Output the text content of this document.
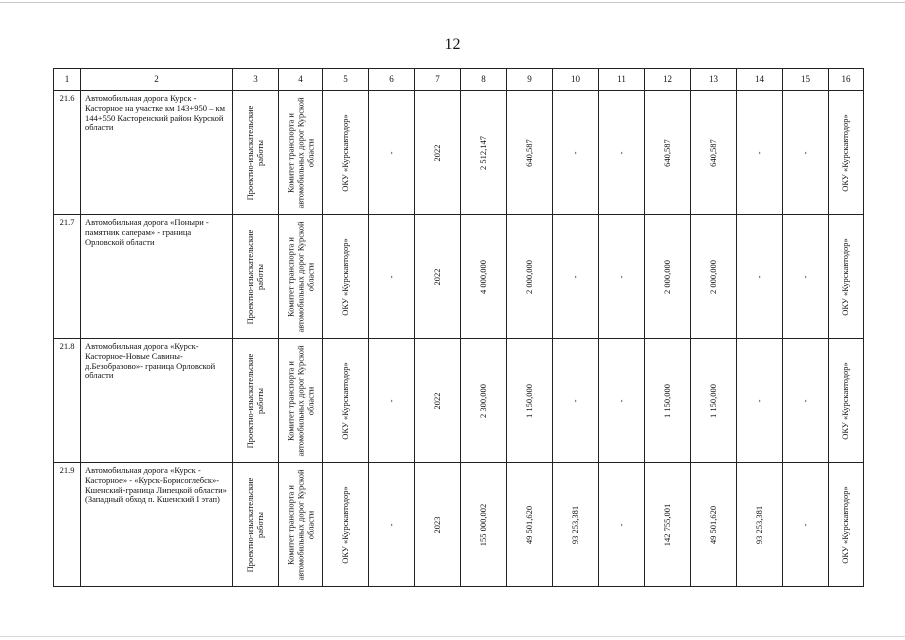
12
1	2	3	4	5	6	7	8	9	10	11	12	13	14	15	16
21.6	Автомобильная дорога Курск - Касторное на участке км 143+950 – км 144+550 Касторенский район Курской области	Проектно-изыскательские работы	Комитет транспорта и автомобильных дорог Курской области	ОКУ «Курскавтодор»	-	2022	2 512,147	640,587	-	-	640,587	640,587	-	-	ОКУ «Курскавтодор»

21.7	Автомобильная дорога «Поныри - памятник саперам» - граница Орловской области	Проектно-изыскательские работы	Комитет транспорта и автомобильных дорог Курской области	ОКУ «Курскавтодор»	-	2022	4 000,000	2 000,000	-	-	2 000,000	2 000,000	-	-	ОКУ «Курскавтодор»

21.8	Автомобильная дорога «Курск-Касторное-Новые Савины-д.Безобразово»- граница Орловской области	Проектно-изыскательские работы	Комитет транспорта и автомобильных дорог Курской области	ОКУ «Курскавтодор»	-	2022	2 300,000	1 150,000	-	-	1 150,000	1 150,000	-	-	ОКУ «Курскавтодор»

21.9	Автомобильная дорога «Курск - Касторное» - «Курск-Борисоглебск»-Кшенский-граница Липецкой области» (Западный обход п. Кшенский I этап)	Проектно-изыскательские работы	Комитет транспорта и автомобильных дорог Курской области	ОКУ «Курскавтодор»	-	2023	155 000,002	49 501,620	93 253,381	-	142 755,001	49 501,620	93 253,381	-	ОКУ «Курскавтодор»
